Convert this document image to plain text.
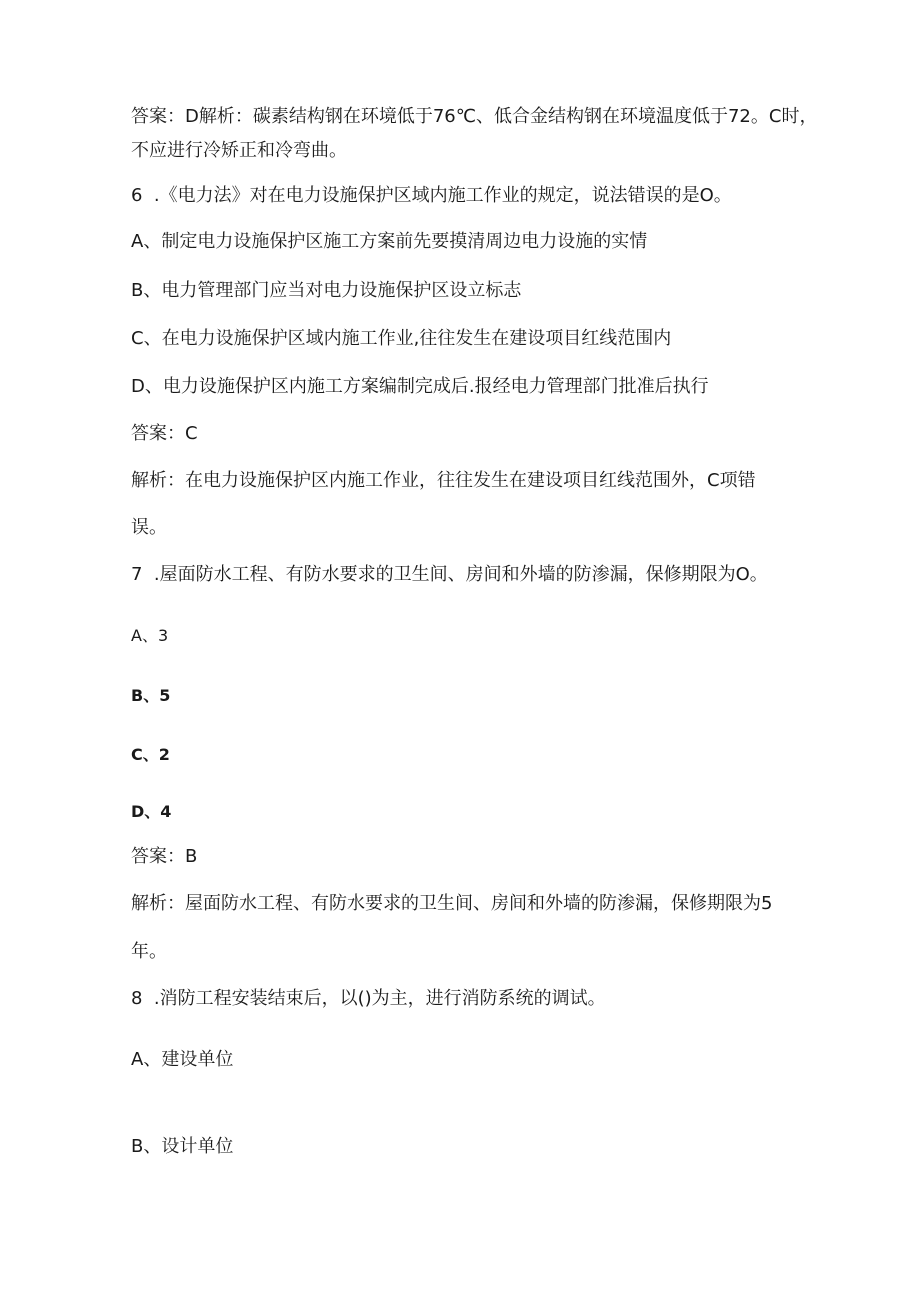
答案：D解析：碳素结构钢在环境低于76℃、低合金结构钢在环境温度低于72。C时，
不应进行冷矫正和冷弯曲。
6  .《电力法》对在电力设施保护区域内施工作业的规定，说法错误的是O。
A、制定电力设施保护区施工方案前先要摸清周边电力设施的实情
B、电力管理部门应当对电力设施保护区设立标志
C、在电力设施保护区域内施工作业,往往发生在建设项目红线范围内
D、电力设施保护区内施工方案编制完成后.报经电力管理部门批准后执行
答案：C
解析：在电力设施保护区内施工作业，往往发生在建设项目红线范围外，C项错
误。
7  .屋面防水工程、有防水要求的卫生间、房间和外墙的防渗漏，保修期限为O。
A、3
B、5
C、2
D、4
答案：B
解析：屋面防水工程、有防水要求的卫生间、房间和外墙的防渗漏，保修期限为5
年。
8  .消防工程安装结束后，以()为主，进行消防系统的调试。
A、建设单位
B、设计单位
